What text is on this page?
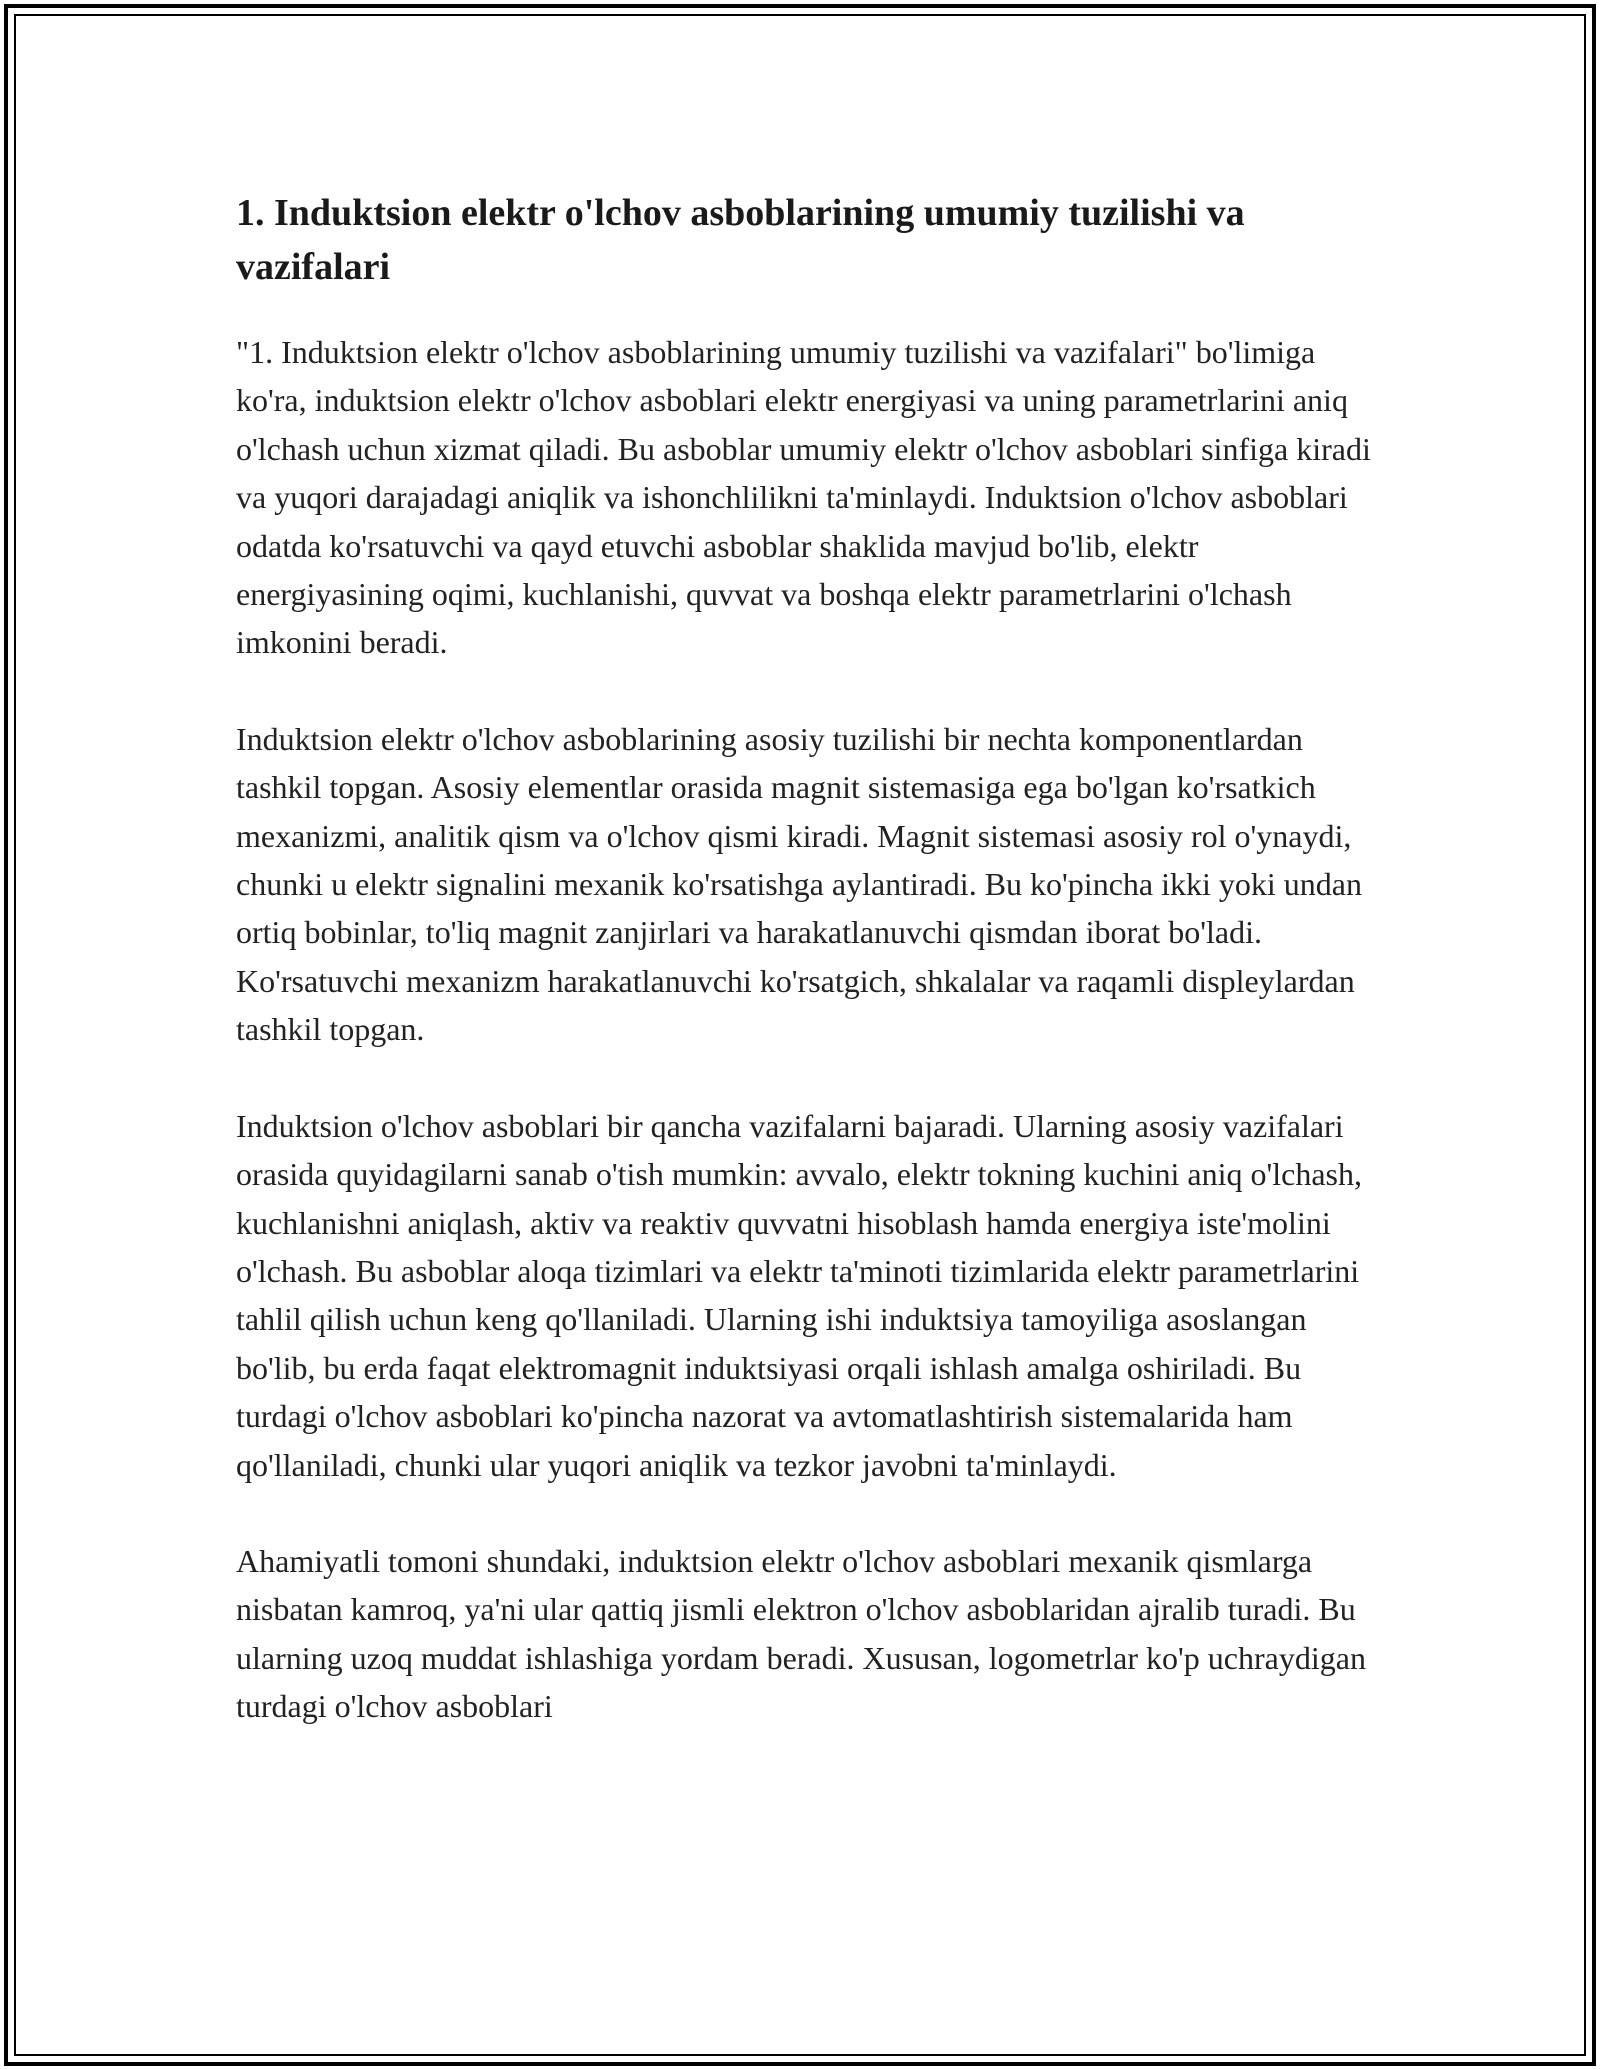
1. Induktsion elektr o'lchov asboblarining umumiy tuzilishi va vazifalari

"1. Induktsion elektr o'lchov asboblarining umumiy tuzilishi va vazifalari" bo'limiga ko'ra, induktsion elektr o'lchov asboblari elektr energiyasi va uning parametrlarini aniq o'lchash uchun xizmat qiladi. Bu asboblar umumiy elektr o'lchov asboblari sinfiga kiradi va yuqori darajadagi aniqlik va ishonchlilikni ta'minlaydi. Induktsion o'lchov asboblari odatda ko'rsatuvchi va qayd etuvchi asboblar shaklida mavjud bo'lib, elektr energiyasining oqimi, kuchlanishi, quvvat va boshqa elektr parametrlarini o'lchash imkonini beradi.

Induktsion elektr o'lchov asboblarining asosiy tuzilishi bir nechta komponentlardan tashkil topgan. Asosiy elementlar orasida magnit sistemasiga ega bo'lgan ko'rsatkich mexanizmi, analitik qism va o'lchov qismi kiradi. Magnit sistemasi asosiy rol o'ynaydi, chunki u elektr signalini mexanik ko'rsatishga aylantiradi. Bu ko'pincha ikki yoki undan ortiq bobinlar, to'liq magnit zanjirlari va harakatlanuvchi qismdan iborat bo'ladi. Ko'rsatuvchi mexanizm harakatlanuvchi ko'rsatgich, shkalalar va raqamli displeylardan tashkil topgan.

Induktsion o'lchov asboblari bir qancha vazifalarni bajaradi. Ularning asosiy vazifalari orasida quyidagilarni sanab o'tish mumkin: avvalo, elektr tokning kuchini aniq o'lchash, kuchlanishni aniqlash, aktiv va reaktiv quvvatni hisoblash hamda energiya iste'molini o'lchash. Bu asboblar aloqa tizimlari va elektr ta'minoti tizimlarida elektr parametrlarini tahlil qilish uchun keng qo'llaniladi. Ularning ishi induktsiya tamoyiliga asoslangan bo'lib, bu erda faqat elektromagnit induktsiyasi orqali ishlash amalga oshiriladi. Bu turdagi o'lchov asboblari ko'pincha nazorat va avtomatlashtirish sistemalarida ham qo'llaniladi, chunki ular yuqori aniqlik va tezkor javobni ta'minlaydi.

Ahamiyatli tomoni shundaki, induktsion elektr o'lchov asboblari mexanik qismlarga nisbatan kamroq, ya'ni ular qattiq jismli elektron o'lchov asboblaridan ajralib turadi. Bu ularning uzoq muddat ishlashiga yordam beradi. Xususan, logometrlar ko'p uchraydigan turdagi o'lchov asboblari
